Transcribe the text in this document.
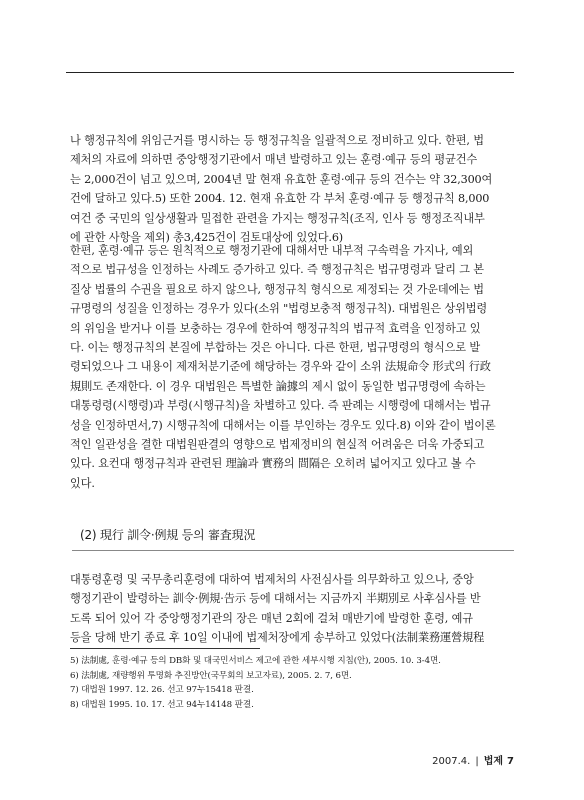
나 행정규칙에 위임근거를 명시하는 등 행정규칙을 일괄적으로 정비하고 있다. 한편, 법
제처의 자료에 의하면 중앙행정기관에서 매년 발령하고 있는 훈령·예규 등의 평균건수
는 2,000건이 넘고 있으며, 2004년 말 현재 유효한 훈령·예규 등의 건수는 약 32,300여
건에 달하고 있다.5) 또한 2004. 12. 현재 유효한 각 부처 훈령·예규 등 행정규칙 8,000
여건 중 국민의 일상생활과 밀접한 관련을 가지는 행정규칙(조직, 인사 등 행정조직내부
에 관한 사항을 제외) 총3,425건이 검토대상에 있었다.6)
한편, 훈령·예규 등은 원칙적으로 행정기관에 대해서만 내부적 구속력을 가지나, 예외
적으로 법규성을 인정하는 사례도 증가하고 있다. 즉 행정규칙은 법규명령과 달리 그 본
질상 법률의 수권을 필요로 하지 않으나, 행정규칙 형식으로 제정되는 것 가운데에는 법
규명령의 성질을 인정하는 경우가 있다(소위 "법령보충적 행정규칙). 대법원은 상위법령
의 위임을 받거나 이를 보충하는 경우에 한하여 행정규칙의 법규적 효력을 인정하고 있
다. 이는 행정규칙의 본질에 부합하는 것은 아니다. 다른 한편, 법규명령의 형식으로 발
령되었으나 그 내용이 제재처분기준에 해당하는 경우와 같이 소위 法規命令 形式의 行政
規則도 존재한다. 이 경우 대법원은 특별한 論據의 제시 없이 동일한 법규명령에 속하는
대통령령(시행령)과 부령(시행규칙)을 차별하고 있다. 즉 판례는 시행령에 대해서는 법규
성을 인정하면서,7) 시행규칙에 대해서는 이를 부인하는 경우도 있다.8) 이와 같이 법이론
적인 일관성을 결한 대법원판결의 영향으로 법제정비의 현실적 어려움은 더욱 가중되고
있다. 요컨대 행정규칙과 관련된 理論과 實務의 間隔은 오히려 넓어지고 있다고 볼 수
있다.
(2) 現行 訓令·例規 등의 審査現況
대통령훈령 및 국무총리훈령에 대하여 법제처의 사전심사를 의무화하고 있으나, 중앙
행정기관이 발령하는 訓令·例規·告示 등에 대해서는 지금까지 半期別로 사후심사를 반
도록 되어 있어 각 중앙행정기관의 장은 매년 2회에 걸쳐 매반기에 발령한 훈령, 예규
등을 당해 반기 종료 후 10일 이내에 법제처장에게 송부하고 있었다(法制業務運營規程
5) 法制處, 훈령·예규 등의 DB화 및 대국민서비스 제고에 관한 세부시행 지침(안), 2005. 10. 3-4면.
6) 法制處, 재량행위 투명화 추진방안(국무회의 보고자료), 2005. 2. 7, 6면.
7) 대법원 1997. 12. 26. 선고 97누15418 판결.
8) 대법원 1995. 10. 17. 선고 94누14148 판결.
2007.4. | 법제 7
